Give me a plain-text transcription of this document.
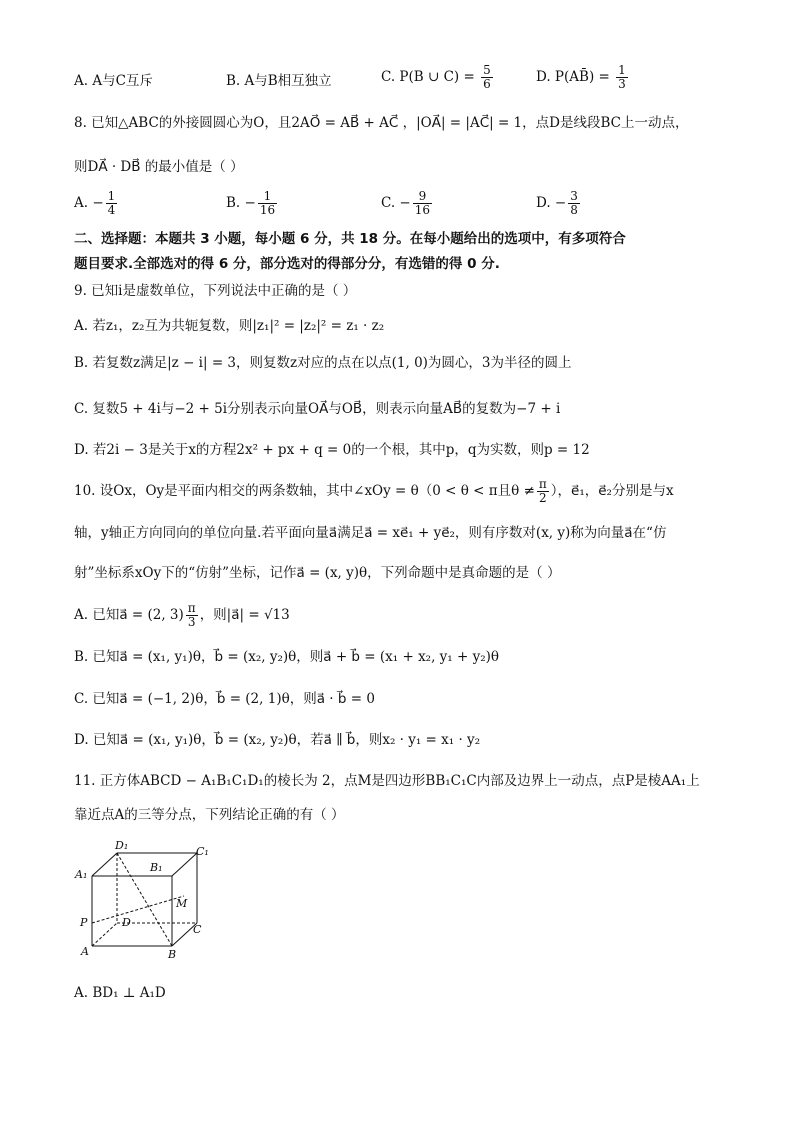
A. A与C互斥	B. A与B相互独立	C. P(B ∪ $C) = \frac{5}{6}$	D. P(AB̄) = $\frac{1}{3}$
8. 已知△ABC的外接圆圆心为O，且2AO⃗ = AB⃗ + AC⃗ ，|OA⃗| = |AC⃗| = 1，点D是线段BC上一动点，
则DA⃗ · DB⃗ 的最小值是（ ）
A. − $\frac{1}{4}$	B. − $\frac{1}{16}$	C. − $\frac{9}{16}$	D. − $\frac{3}{8}$
二、选择题：本题共 3 小题，每小题 6 分，共 18 分。在每小题给出的选项中，有多项符合
题目要求.全部选对的得 6 分，部分选对的得部分分，有选错的得 0 分.
9. 已知i是虚数单位，下列说法中正确的是（ ）
A. 若z₁，z₂互为共轭复数，则|z₁|² = |z₂|² = z₁ · z₂
B. 若复数z满足|z − i| = 3，则复数z对应的点在以点(1, 0)为圆心，3为半径的圆上
C. 复数5 + 4i与−2 + 5i分别表示向量OA⃗与OB⃗，则表示向量AB⃗的复数为−7 + i
D. 若2i − 3是关于x的方程2x² + px + q = 0的一个根，其中p，q为实数，则p = 12
10. 设Ox，Oy是平面内相交的两条数轴，其中∠xOy = θ（0 < θ < π且$\theta \ne \frac{\pi}{2}$ ），e⃗₁，e⃗₂分别是与x
轴，y轴正方向同向的单位向量.若平面向量a⃗满足a⃗ = xe⃗₁ + ye⃗₂，则有序数对(x, y)称为向量a⃗在“仿
射”坐标系xOy下的“仿射”坐标，记作a⃗ = (x, y)θ，下列命题中是真命题的是（ ）
A. 已知a⃗ = (2, $3) \frac{\pi}{3}$ ，则|a⃗| = √13
B. 已知a⃗ = (x₁, y₁)θ，b⃗ = (x₂, y₂)θ，则a⃗ + b⃗ = (x₁ + x₂, y₁ + y₂)θ
C. 已知a⃗ = (−1, 2)θ，b⃗ = (2, 1)θ，则a⃗ · b⃗ = 0
D. 已知a⃗ = (x₁, y₁)θ，b⃗ = (x₂, y₂)θ，若a⃗ ∥ b⃗，则x₂ · y₁ = x₁ · y₂
11. 正方体ABCD − A₁B₁C₁D₁的棱长为 2，点M是四边形BB₁C₁C内部及边界上一动点，点P是棱AA₁上
靠近点A的三等分点，下列结论正确的有（ ）
D₁	C₁
A₁
B₁
M
P	D
C
A	B
A. BD₁ ⊥ A₁D
